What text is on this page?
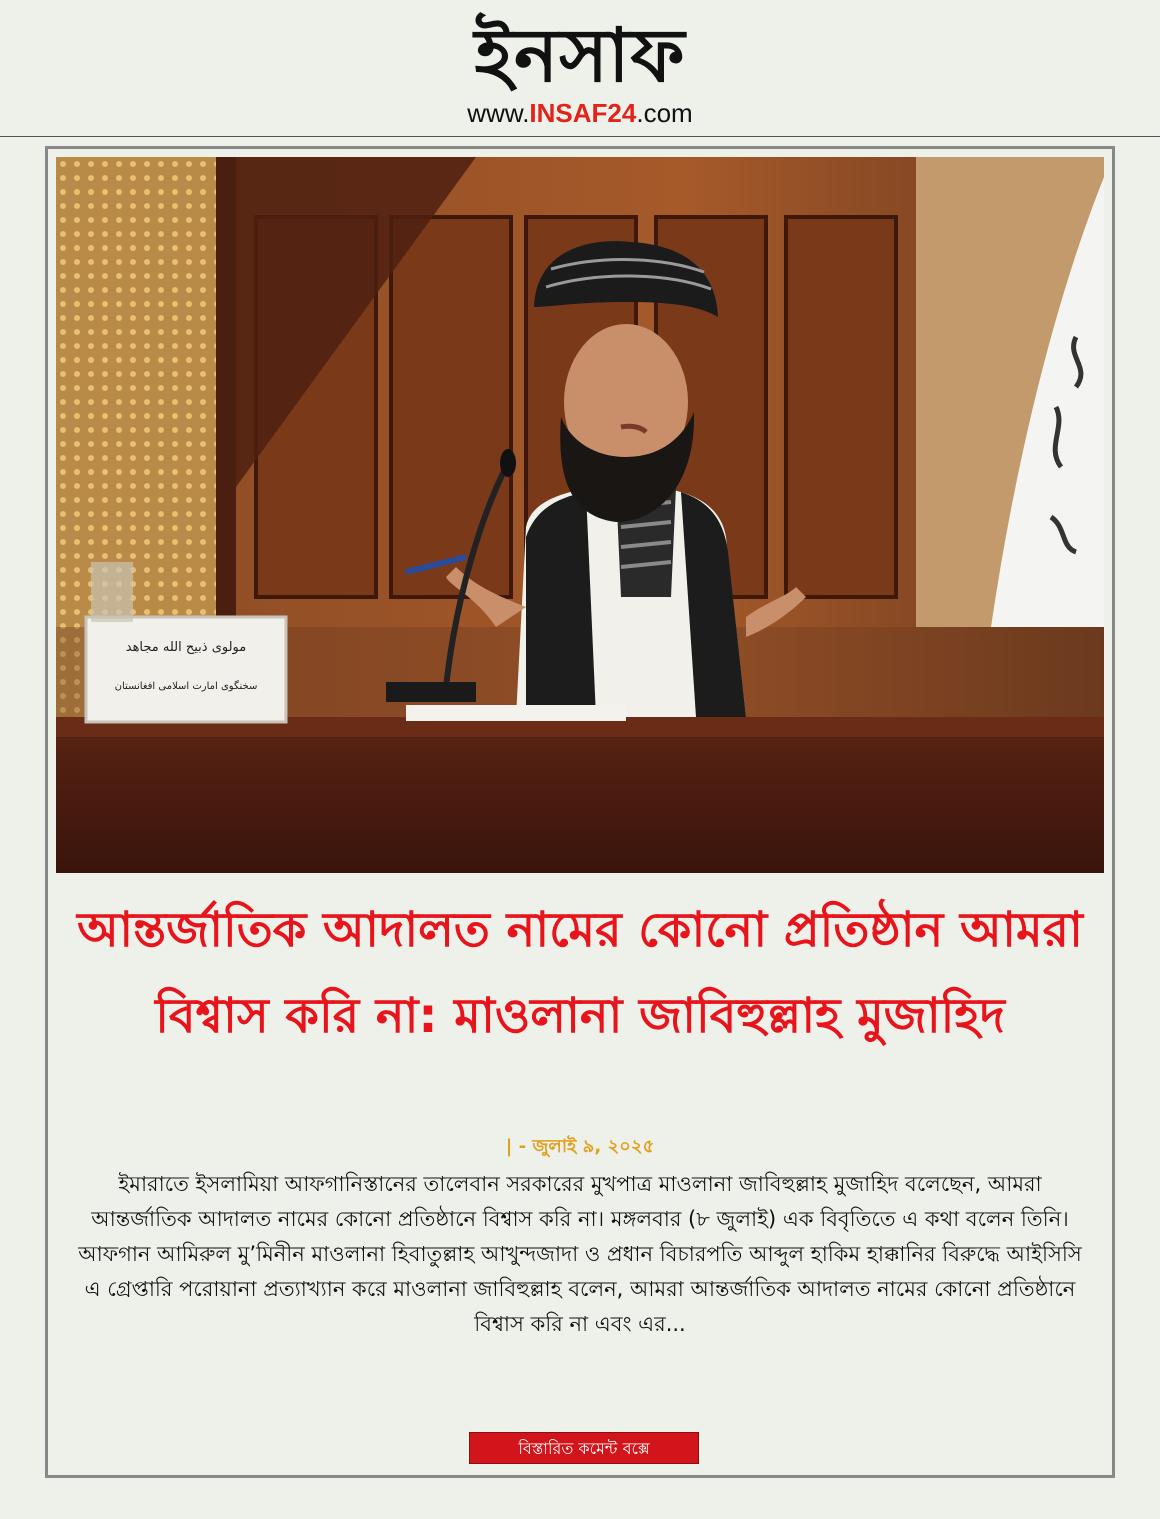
ইনসাফ
www.INSAF24.com
مولوی ذبیح الله مجاهد
سخنگوی امارت اسلامی افغانستان
আন্তর্জাতিক আদালত নামের কোনো প্রতিষ্ঠান আমরা বিশ্বাস করি না: মাওলানা জাবিহুল্লাহ মুজাহিদ
| - জুলাই ৯, ২০২৫
ইমারাতে ইসলামিয়া আফগানিস্তানের তালেবান সরকারের মুখপাত্র মাওলানা জাবিহুল্লাহ মুজাহিদ বলেছেন, আমরা আন্তর্জাতিক আদালত নামের কোনো প্রতিষ্ঠানে বিশ্বাস করি না। মঙ্গলবার (৮ জুলাই) এক বিবৃতিতে এ কথা বলেন তিনি। আফগান আমিরুল মু’মিনীন মাওলানা হিবাতুল্লাহ আখুন্দজাদা ও প্রধান বিচারপতি আব্দুল হাকিম হাক্কানির বিরুদ্ধে আইসিসি এ গ্রেপ্তারি পরোয়ানা প্রত্যাখ্যান করে মাওলানা জাবিহুল্লাহ বলেন, আমরা আন্তর্জাতিক আদালত নামের কোনো প্রতিষ্ঠানে বিশ্বাস করি না এবং এর...
বিস্তারিত কমেন্ট বক্সে
